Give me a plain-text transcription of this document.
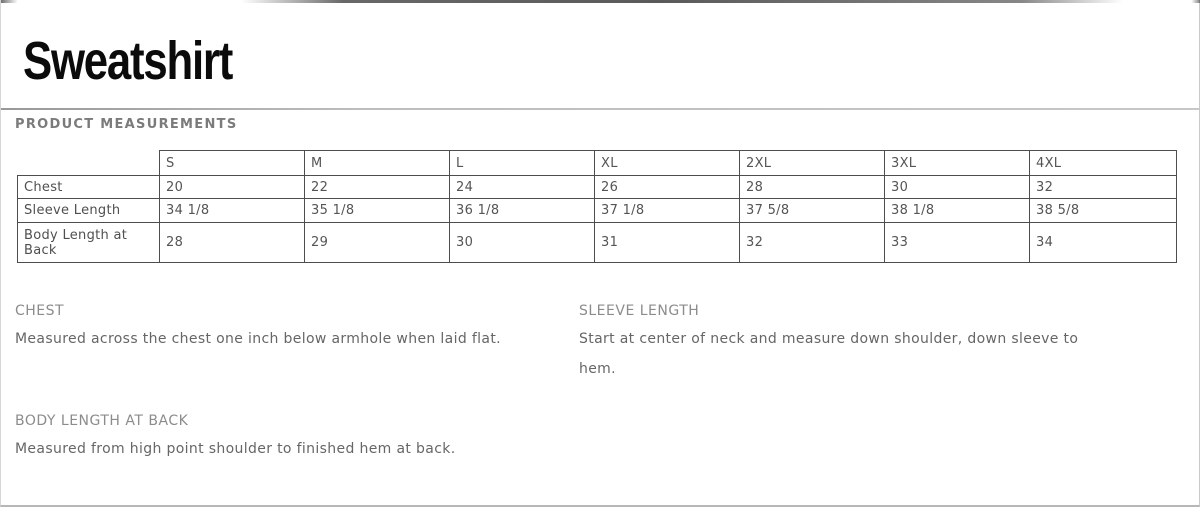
Sweatshirt
PRODUCT MEASUREMENTS
	S	M	L	XL	2XL	3XL	4XL
Chest	20	22	24	26	28	30	32
Sleeve Length	34 1/8	35 1/8	36 1/8	37 1/8	37 5/8	38 1/8	38 5/8
Body Length at Back	28	29	30	31	32	33	34

CHEST

Measured across the chest one inch below armhole when laid flat.

SLEEVE LENGTH

Start at center of neck and measure down shoulder, down sleeve to hem.

BODY LENGTH AT BACK

Measured from high point shoulder to finished hem at back.
